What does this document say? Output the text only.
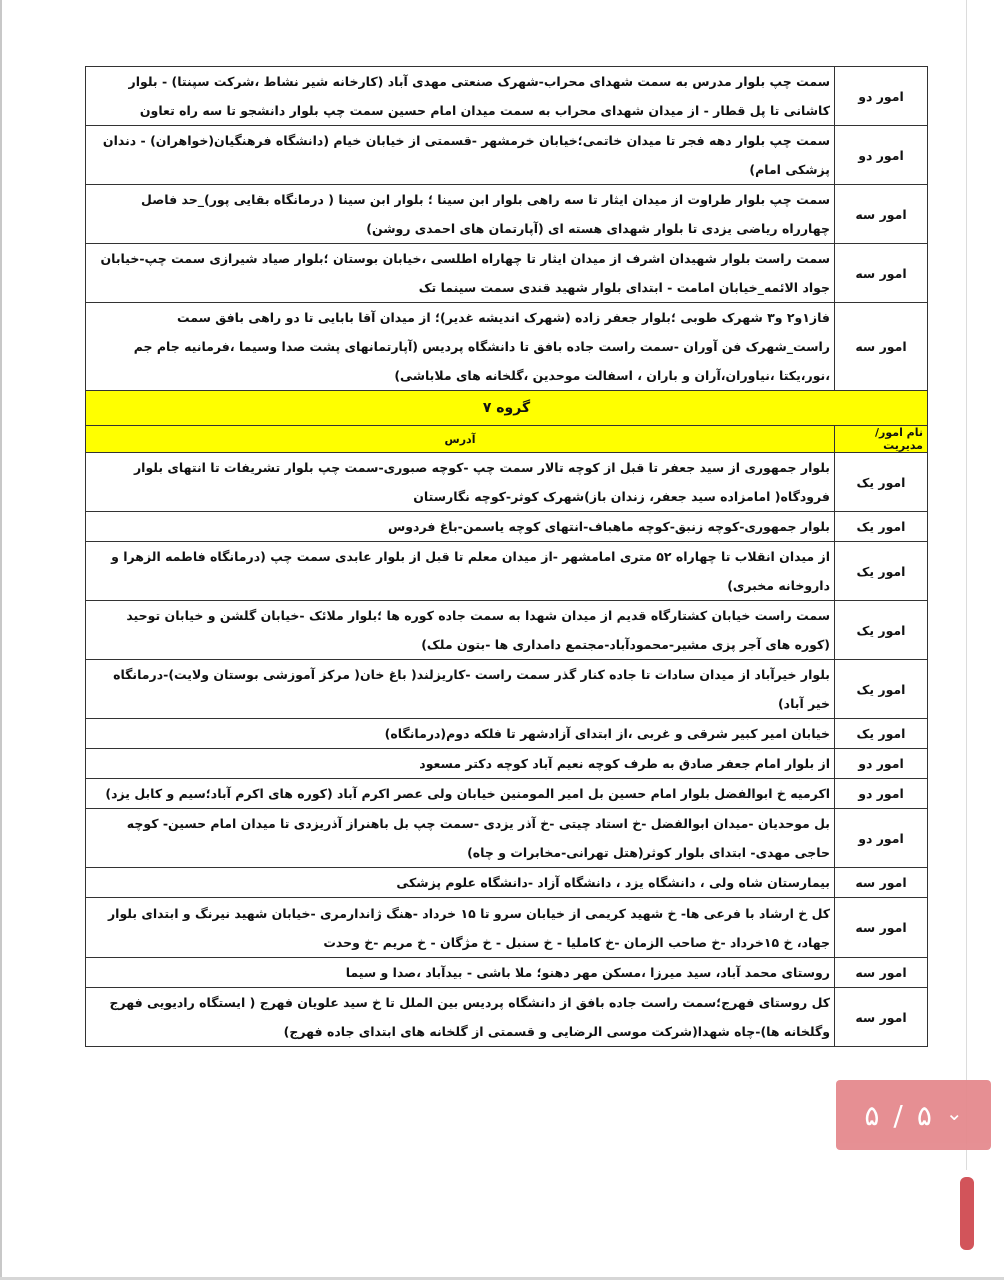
امور دو	سمت چپ بلوار مدرس به سمت شهدای محراب-شهرک صنعتی مهدی آباد (کارخانه شیر نشاط ،شرکت سپنتا) - بلوار کاشانی تا پل قطار - از میدان شهدای محراب به سمت میدان امام حسین سمت چپ بلوار دانشجو تا سه راه تعاون
امور دو	سمت چپ بلوار دهه فجر تا میدان خاتمی؛خیابان خرمشهر -قسمتی از خیابان خیام (دانشگاه فرهنگیان(خواهران) - دندان پزشکی امام)
امور سه	سمت چپ بلوار طراوت از میدان ایثار تا سه راهی بلوار ابن سینا ؛ بلوار ابن سینا ( درمانگاه بقایی پور)_حد فاصل چهارراه ریاضی یزدی تا بلوار شهدای هسته ای (آپارتمان های احمدی روشن)
امور سه	سمت راست بلوار شهیدان اشرف از میدان ایثار تا چهاراه اطلسی ،خیابان بوستان ؛بلوار صیاد شیرازی سمت چپ-خیابان جواد الائمه_خیابان امامت - ابتدای بلوار شهید قندی سمت سینما تک
امور سه	فاز۱و۲ و۳ شهرک طوبی ؛بلوار جعفر زاده (شهرک اندیشه غدیر)؛ از میدان آقا بابایی تا دو راهی بافق سمت راست_شهرک فن آوران -سمت راست جاده بافق تا دانشگاه پردیس (آپارتمانهای پشت صدا وسیما ،فرمانیه جام جم ،نور،یکتا ،نیاوران،آران و باران ، اسفالت موحدین ،گلخانه های ملاباشی)
گروه ۷	
نام امور/مدیریت	آدرس
امور یک	بلوار جمهوری از سید جعفر تا قبل از کوچه تالار سمت چپ -کوچه صبوری-سمت چپ بلوار تشریفات تا انتهای بلوار فرودگاه( امامزاده سید جعفر، زندان باز)شهرک کوثر-کوچه نگارستان
امور یک	بلوار جمهوری-کوچه زنبق-کوچه ماهباف-انتهای کوچه یاسمن-باغ فردوس
امور یک	از میدان انقلاب تا چهاراه ۵۲ متری امامشهر -از میدان معلم تا قبل از بلوار عابدی سمت چپ (درمانگاه فاطمه الزهرا و داروخانه مخبری)
امور یک	سمت راست خیابان کشتارگاه قدیم از میدان شهدا به سمت جاده کوره ها ؛بلوار ملائک -خیابان گلشن و خیابان توحید (کوره های آجر پزی مشیر-محمودآباد-مجتمع دامداری ها -بتون ملک)
امور یک	بلوار خیرآباد از میدان سادات تا جاده کنار گذر سمت راست -کاریزلند( باغ خان( مرکز آموزشی بوستان ولایت)-درمانگاه خیر آباد)
امور یک	خیابان امیر کبیر شرقی و غربی ،از ابتدای آزادشهر تا فلکه دوم(درمانگاه)
امور دو	از بلوار امام جعفر صادق به طرف کوچه نعیم آباد کوچه دکتر مسعود
امور دو	اکرمیه خ ابوالفضل بلوار امام حسین بل امیر المومنین خیابان ولی عصر اکرم آباد (کوره های اکرم آباد؛سیم و کابل یزد)
امور دو	بل موحدیان -میدان ابوالفضل -خ استاد چیتی -خ آذر یزدی -سمت چپ بل باهنراز آذریزدی تا میدان امام حسین- کوچه حاجی مهدی- ابتدای بلوار کوثر(هتل تهرانی-مخابرات و چاه)
امور سه	بیمارستان شاه ولی ، دانشگاه یزد ، دانشگاه آزاد -دانشگاه علوم پزشکی
امور سه	کل خ ارشاد با فرعی ها- خ شهید کریمی از خیابان سرو تا ۱۵ خرداد -هنگ ژاندارمری -خیابان شهید نیرنگ و ابتدای بلوار جهاد، خ ۱۵خرداد -خ صاحب الزمان -خ کاملیا - خ سنبل - خ مژگان - خ مریم -خ وحدت
امور سه	روستای محمد آباد، سید میرزا ،مسکن مهر دهنو؛ ملا باشی - بیدآباد ،صدا و سیما
امور سه	کل روستای فهرج؛سمت راست جاده بافق از دانشگاه پردیس بین الملل تا خ سید علویان فهرج ( ایستگاه رادیویی فهرج وگلخانه ها)-چاه شهدا(شرکت موسی الرضایی و قسمتی از گلخانه های ابتدای جاده فهرج)
۵ / ۵ ⌄
